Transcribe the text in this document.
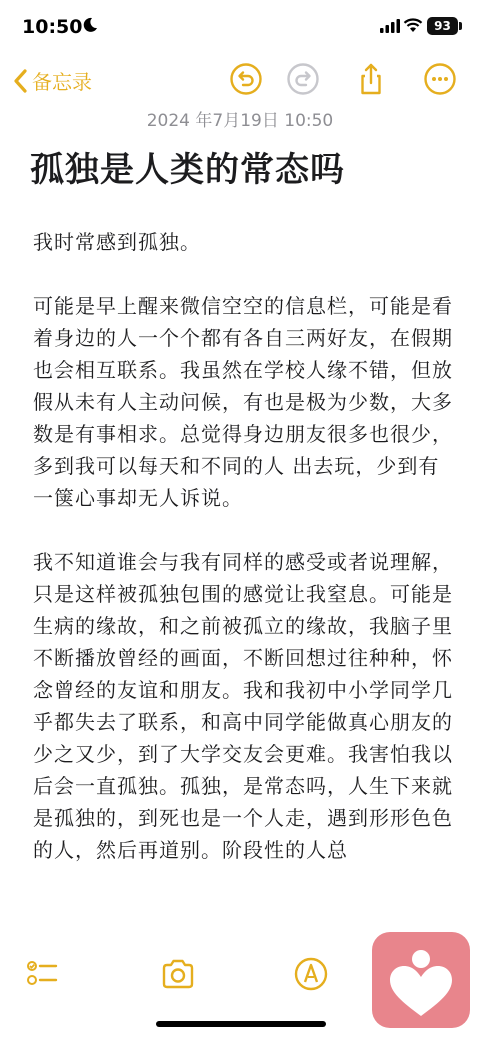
10:50	93
备忘录
2024 年7月19日 10:50
孤独是人类的常态吗

我时常感到孤独。

可能是早上醒来微信空空的信息栏，可能是看着身边的人一个个都有各自三两好友，在假期也会相互联系。我虽然在学校人缘不错，但放假从未有人主动问候，有也是极为少数，大多数是有事相求。总觉得身边朋友很多也很少，多到我可以每天和不同的人 出去玩，少到有一箧心事却无人诉说。

我不知道谁会与我有同样的感受或者说理解，只是这样被孤独包围的感觉让我窒息。可能是生病的缘故，和之前被孤立的缘故，我脑子里不断播放曾经的画面，不断回想过往种种，怀念曾经的友谊和朋友。我和我初中小学同学几乎都失去了联系，和高中同学能做真心朋友的少之又少，到了大学交友会更难。我害怕我以后会一直孤独。孤独，是常态吗，人生下来就是孤独的，到死也是一个人走，遇到形形色色的人，然后再道别。阶段性的人总
